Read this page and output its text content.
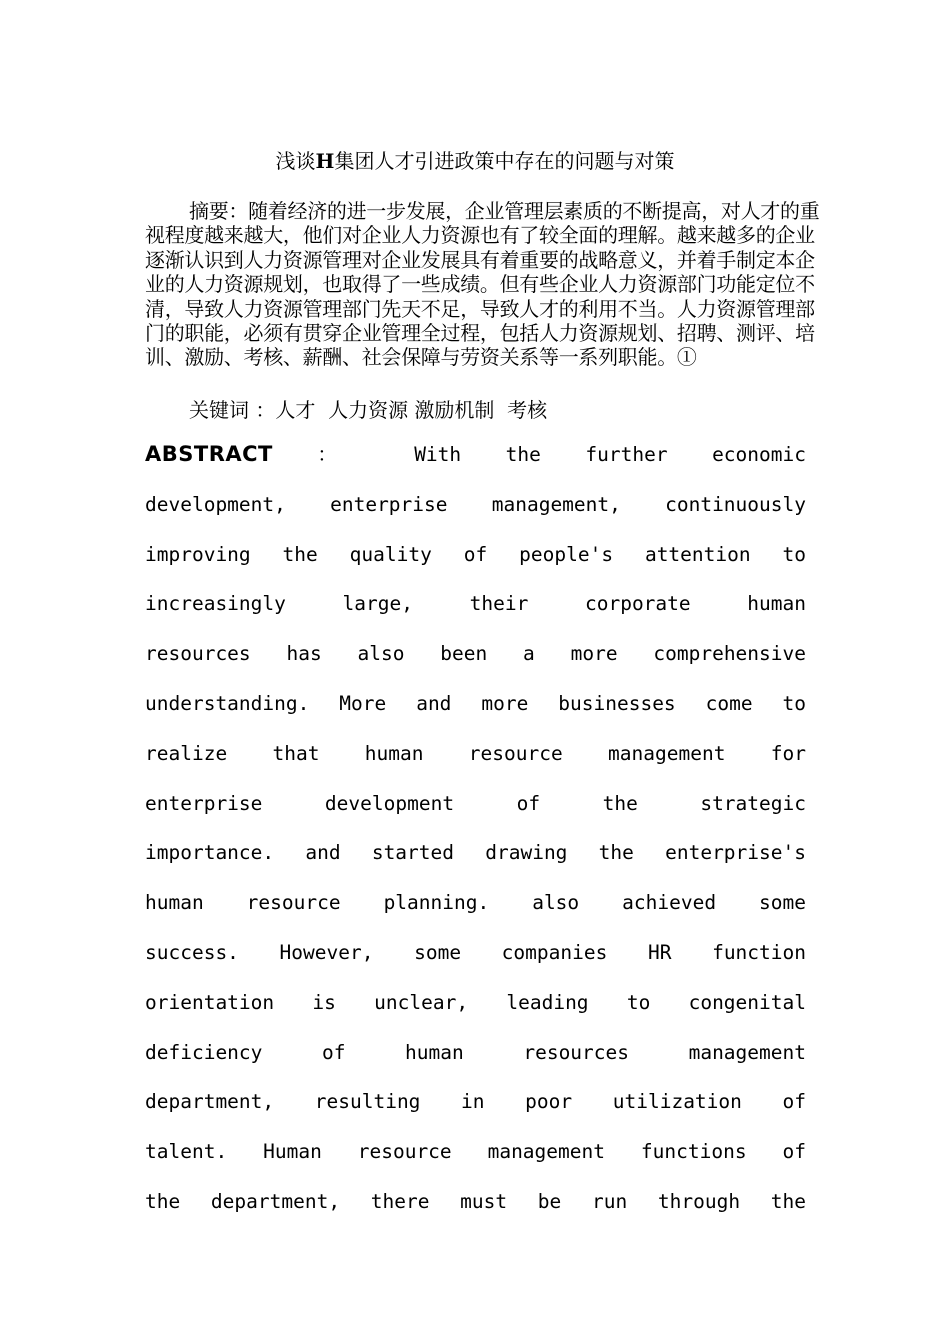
浅谈H集团人才引进政策中存在的问题与对策
摘要：随着经济的进一步发展，企业管理层素质的不断提高，对人才的重视程度越来越大，他们对企业人力资源也有了较全面的理解。越来越多的企业逐渐认识到人力资源管理对企业发展具有着重要的战略意义，并着手制定本企业的人力资源规划，也取得了一些成绩。但有些企业人力资源部门功能定位不清，导致人力资源管理部门先天不足，导致人才的利用不当。人力资源管理部门的职能，必须有贯穿企业管理全过程，包括人力资源规划、招聘、测评、培训、激励、考核、薪酬、社会保障与劳资关系等一系列职能。①
关键词 ：人才  人力资源 激励机制  考核
ABSTRACT ： With the further economic
development, enterprise management, continuously
improving the quality of people's attention to
increasingly large, their corporate human
resources has also been a more comprehensive
understanding. More and more businesses come to
realize that human resource management for
enterprise development of the strategic
importance. and started drawing the enterprise's
human resource planning. also achieved some
success. However, some companies HR function
orientation is unclear, leading to congenital
deficiency of human resources management
department, resulting in poor utilization of
talent. Human resource management functions of
the department, there must be run through the
